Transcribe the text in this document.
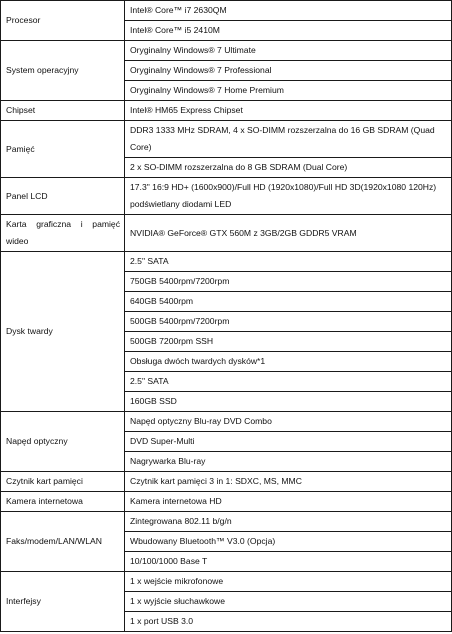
Procesor	Intel® Core™ i7 2630QM
	Intel® Core™ i5 2410M
System operacyjny	Oryginalny Windows® 7 Ultimate
	Oryginalny Windows® 7 Professional
	Oryginalny Windows® 7 Home Premium
Chipset	Intel® HM65 Express Chipset
Pamięć	DDR3 1333 MHz SDRAM, 4 x SO-DIMM rozszerzalna do 16 GB SDRAM (Quad Core)
	2 x SO-DIMM rozszerzalna do 8 GB SDRAM (Dual Core)
Panel LCD	17.3" 16:9 HD+ (1600x900)/Full HD (1920x1080)/Full HD 3D(1920x1080 120Hz) podświetlany diodami LED
Karta graficzna i pamięć wideo	NVIDIA® GeForce® GTX 560M z 3GB/2GB GDDR5 VRAM
Dysk twardy	2.5" SATA
	750GB 5400rpm/7200rpm
	640GB 5400rpm
	500GB 5400rpm/7200rpm
	500GB 7200rpm SSH
	Obsługa dwóch twardych dysków*1
	2.5" SATA
	160GB SSD
Napęd optyczny	Napęd optyczny Blu-ray DVD Combo
	DVD Super-Multi
	Nagrywarka Blu-ray
Czytnik kart pamięci	Czytnik kart pamięci 3 in 1: SDXC, MS, MMC
Kamera internetowa	Kamera internetowa HD
Faks/modem/LAN/WLAN	Zintegrowana 802.11 b/g/n
	Wbudowany Bluetooth™ V3.0 (Opcja)
	10/100/1000 Base T
Interfejsy	1 x wejście mikrofonowe
	1 x wyjście słuchawkowe
	1 x port USB 3.0
